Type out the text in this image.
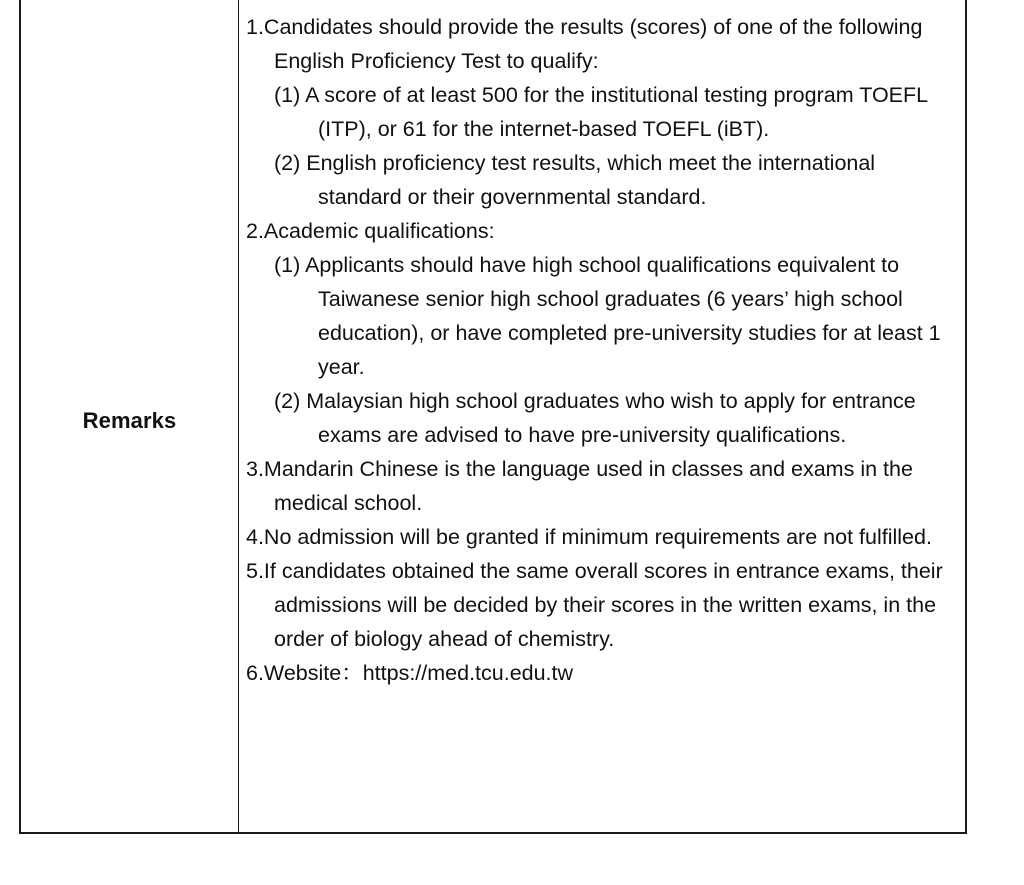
Remarks
1.Candidates should provide the results (scores) of one of the following English Proficiency Test to qualify:
(1) A score of at least 500 for the institutional testing program TOEFL (ITP), or 61 for the internet-based TOEFL (iBT).
(2) English proficiency test results, which meet the international standard or their governmental standard.
2.Academic qualifications:
(1) Applicants should have high school qualifications equivalent to Taiwanese senior high school graduates (6 years’ high school education), or have completed pre-university studies for at least 1 year.
(2) Malaysian high school graduates who wish to apply for entrance exams are advised to have pre-university qualifications.
3.Mandarin Chinese is the language used in classes and exams in the medical school.
4.No admission will be granted if minimum requirements are not fulfilled.
5.If candidates obtained the same overall scores in entrance exams, their admissions will be decided by their scores in the written exams, in the order of biology ahead of chemistry.
6.Website：https://med.tcu.edu.tw
